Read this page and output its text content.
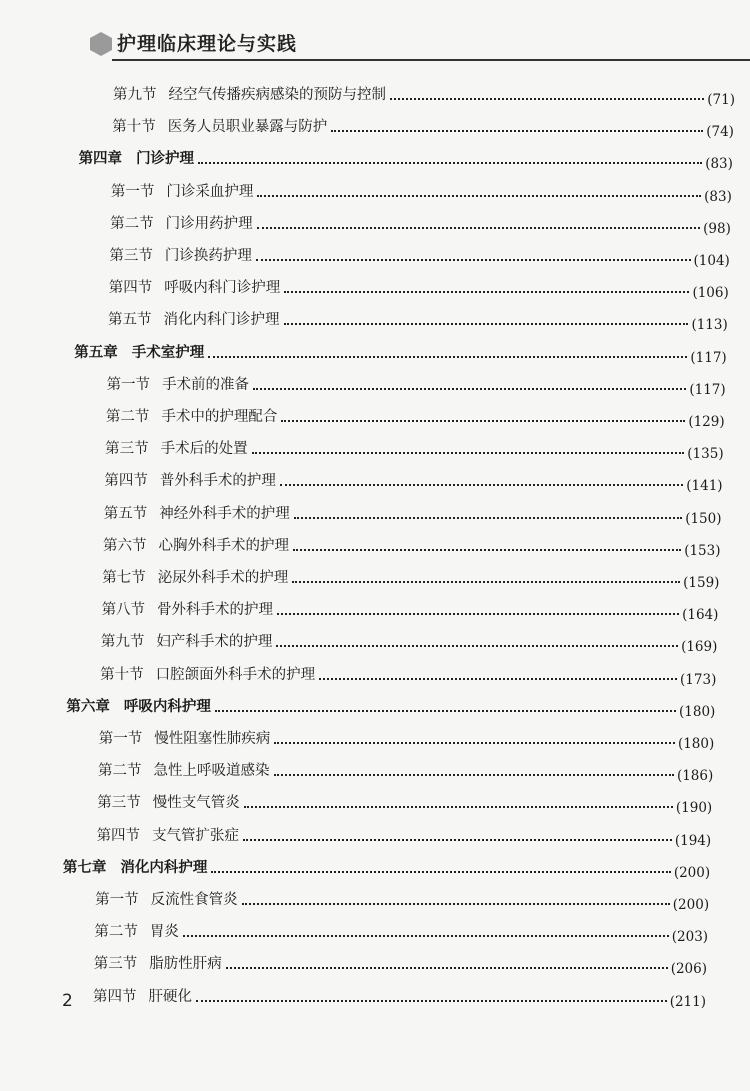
护理临床理论与实践
第九节 经空气传播疾病感染的预防与控制	(71)
第十节 医务人员职业暴露与防护	(74)
第四章 门诊护理	(83)
第一节 门诊采血护理	(83)
第二节 门诊用药护理	(98)
第三节 门诊换药护理	(104)
第四节 呼吸内科门诊护理	(106)
第五节 消化内科门诊护理	(113)
第五章 手术室护理	(117)
第一节 手术前的准备	(117)
第二节 手术中的护理配合	(129)
第三节 手术后的处置	(135)
第四节 普外科手术的护理	(141)
第五节 神经外科手术的护理	(150)
第六节 心胸外科手术的护理	(153)
第七节 泌尿外科手术的护理	(159)
第八节 骨外科手术的护理	(164)
第九节 妇产科手术的护理	(169)
第十节 口腔颌面外科手术的护理	(173)
第六章 呼吸内科护理	(180)
第一节 慢性阻塞性肺疾病	(180)
第二节 急性上呼吸道感染	(186)
第三节 慢性支气管炎	(190)
第四节 支气管扩张症	(194)
第七章 消化内科护理	(200)
第一节 反流性食管炎	(200)
第二节 胃炎	(203)
第三节 脂肪性肝病	(206)
第四节 肝硬化	(211)
2
